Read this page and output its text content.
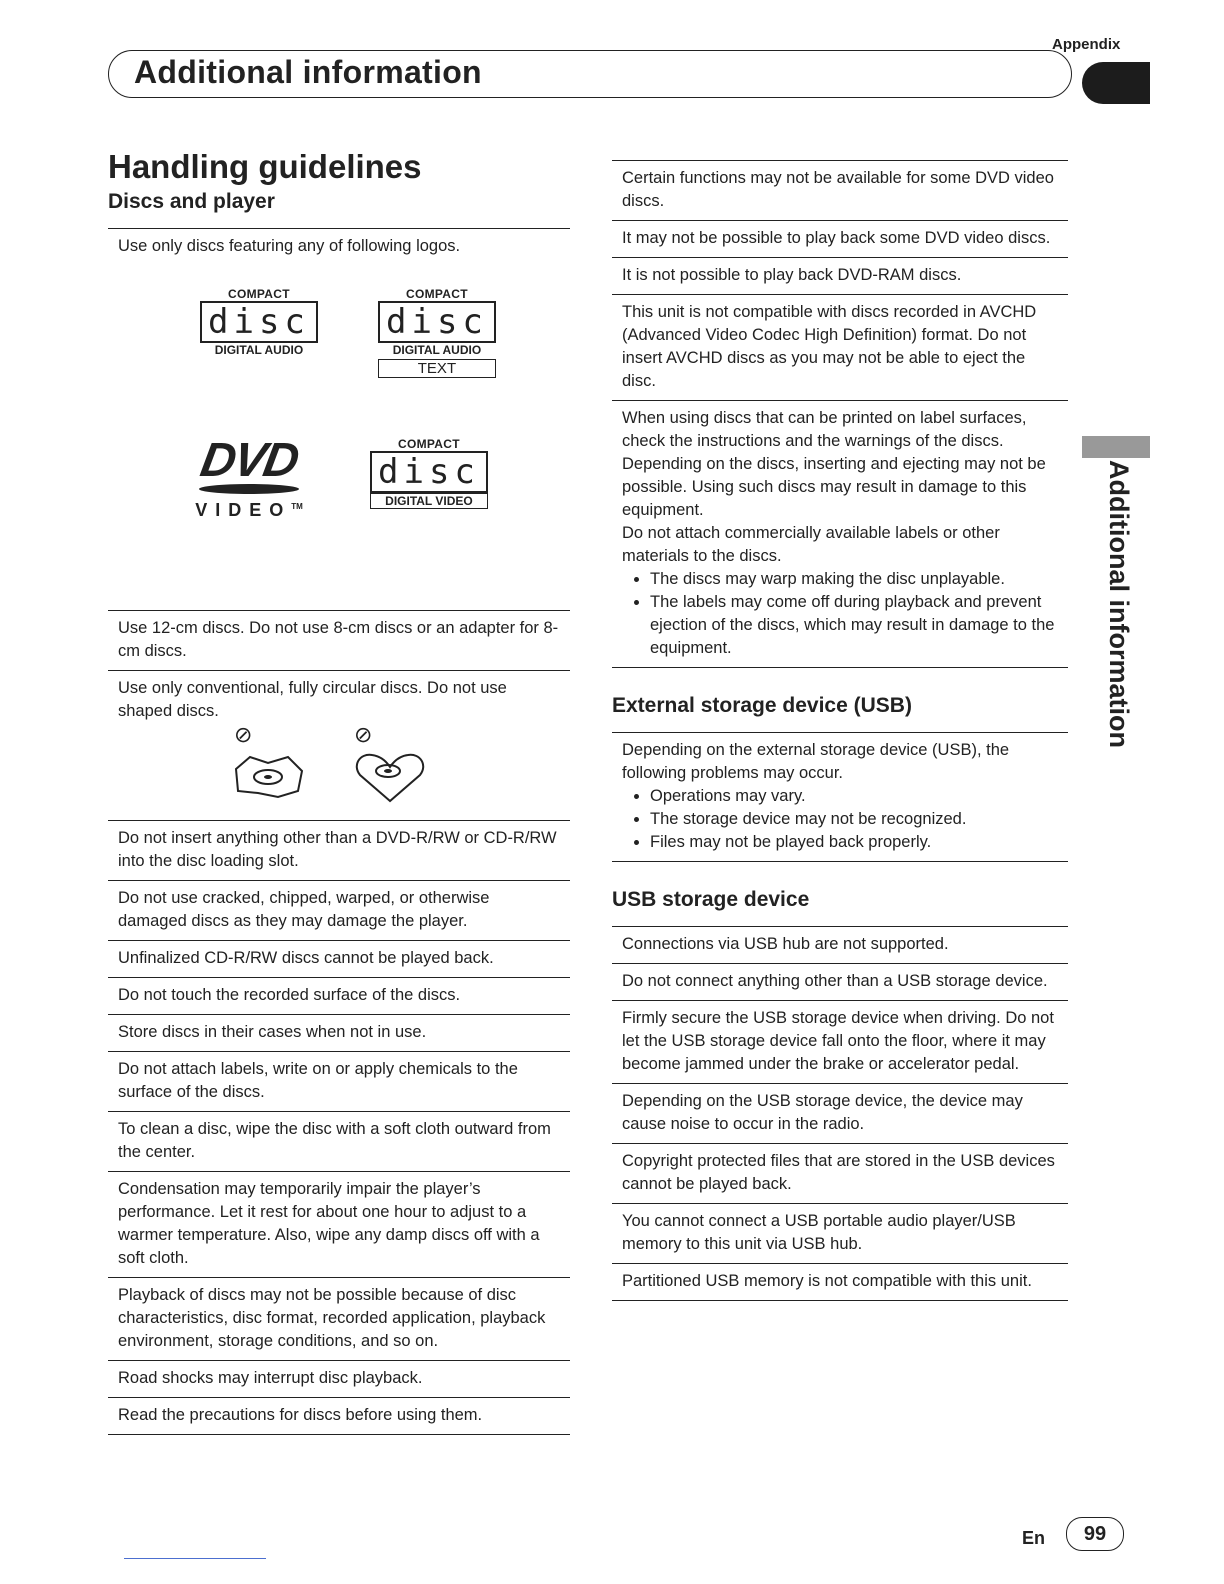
Appendix
Additional information
Additional information
Handling guidelines
Discs and player
Use only discs featuring any of following logos.
COMPACT
disc
DIGITAL AUDIO
COMPACT
disc
DIGITAL AUDIO
TEXT
DVD
VIDEO™
COMPACT
disc
DIGITAL VIDEO
Use 12-cm discs. Do not use 8-cm discs or an adapter for 8-cm discs.
Use only conventional, fully circular discs. Do not use shaped discs.
⊘	⊘
Do not insert anything other than a DVD-R/RW or CD-R/RW into the disc loading slot.
Do not use cracked, chipped, warped, or otherwise damaged discs as they may damage the player.
Unfinalized CD-R/RW discs cannot be played back.
Do not touch the recorded surface of the discs.
Store discs in their cases when not in use.
Do not attach labels, write on or apply chemicals to the surface of the discs.
To clean a disc, wipe the disc with a soft cloth outward from the center.
Condensation may temporarily impair the player’s performance. Let it rest for about one hour to adjust to a warmer temperature. Also, wipe any damp discs off with a soft cloth.
Playback of discs may not be possible because of disc characteristics, disc format, recorded application, playback environment, storage conditions, and so on.
Road shocks may interrupt disc playback.
Read the precautions for discs before using them.
Certain functions may not be available for some DVD video discs.
It may not be possible to play back some DVD video discs.
It is not possible to play back DVD-RAM discs.
This unit is not compatible with discs recorded in AVCHD (Advanced Video Codec High Definition) format. Do not insert AVCHD discs as you may not be able to eject the disc.
When using discs that can be printed on label surfaces, check the instructions and the warnings of the discs. Depending on the discs, inserting and ejecting may not be possible. Using such discs may result in damage to this equipment.
Do not attach commercially available labels or other materials to the discs.
• The discs may warp making the disc unplayable.
• The labels may come off during playback and prevent ejection of the discs, which may result in damage to the equipment.
External storage device (USB)
Depending on the external storage device (USB), the following problems may occur.
• Operations may vary.
• The storage device may not be recognized.
• Files may not be played back properly.
USB storage device
Connections via USB hub are not supported.
Do not connect anything other than a USB storage device.
Firmly secure the USB storage device when driving. Do not let the USB storage device fall onto the floor, where it may become jammed under the brake or accelerator pedal.
Depending on the USB storage device, the device may cause noise to occur in the radio.
Copyright protected files that are stored in the USB devices cannot be played back.
You cannot connect a USB portable audio player/USB memory to this unit via USB hub.
Partitioned USB memory is not compatible with this unit.
En	99
